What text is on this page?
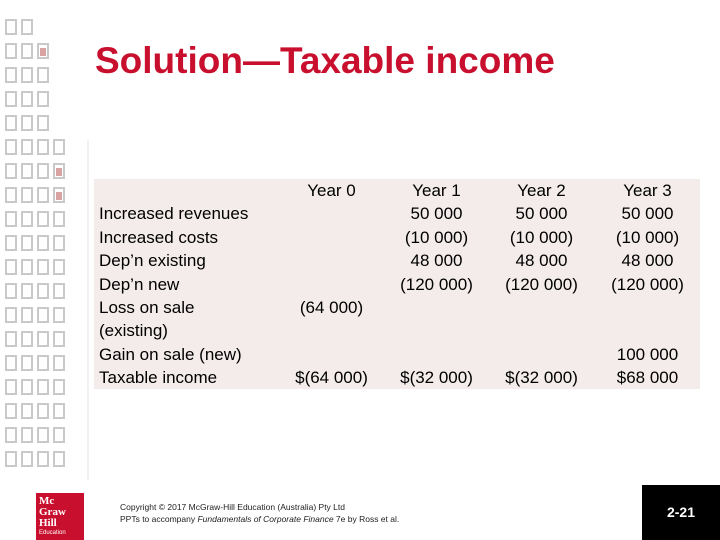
Solution—Taxable income
Increased revenues
Increased costs
Dep’n existing
Dep’n new
Loss on sale
(existing)
Gain on sale (new)
Taxable income
Year 0
(64 000)
$(64 000)
Year 1
50 000
(10 000)
48 000
(120 000)
$(32 000)
Year 2
50 000
(10 000)
48 000
(120 000)
$(32 000)
Year 3
50 000
(10 000)
48 000
(120 000)
100 000
$68 000
Mc
Graw
Hill
Education
Copyright © 2017 McGraw-Hill Education (Australia) Pty Ltd
PPTs to accompany Fundamentals of Corporate Finance 7e by Ross et al.	2-21
